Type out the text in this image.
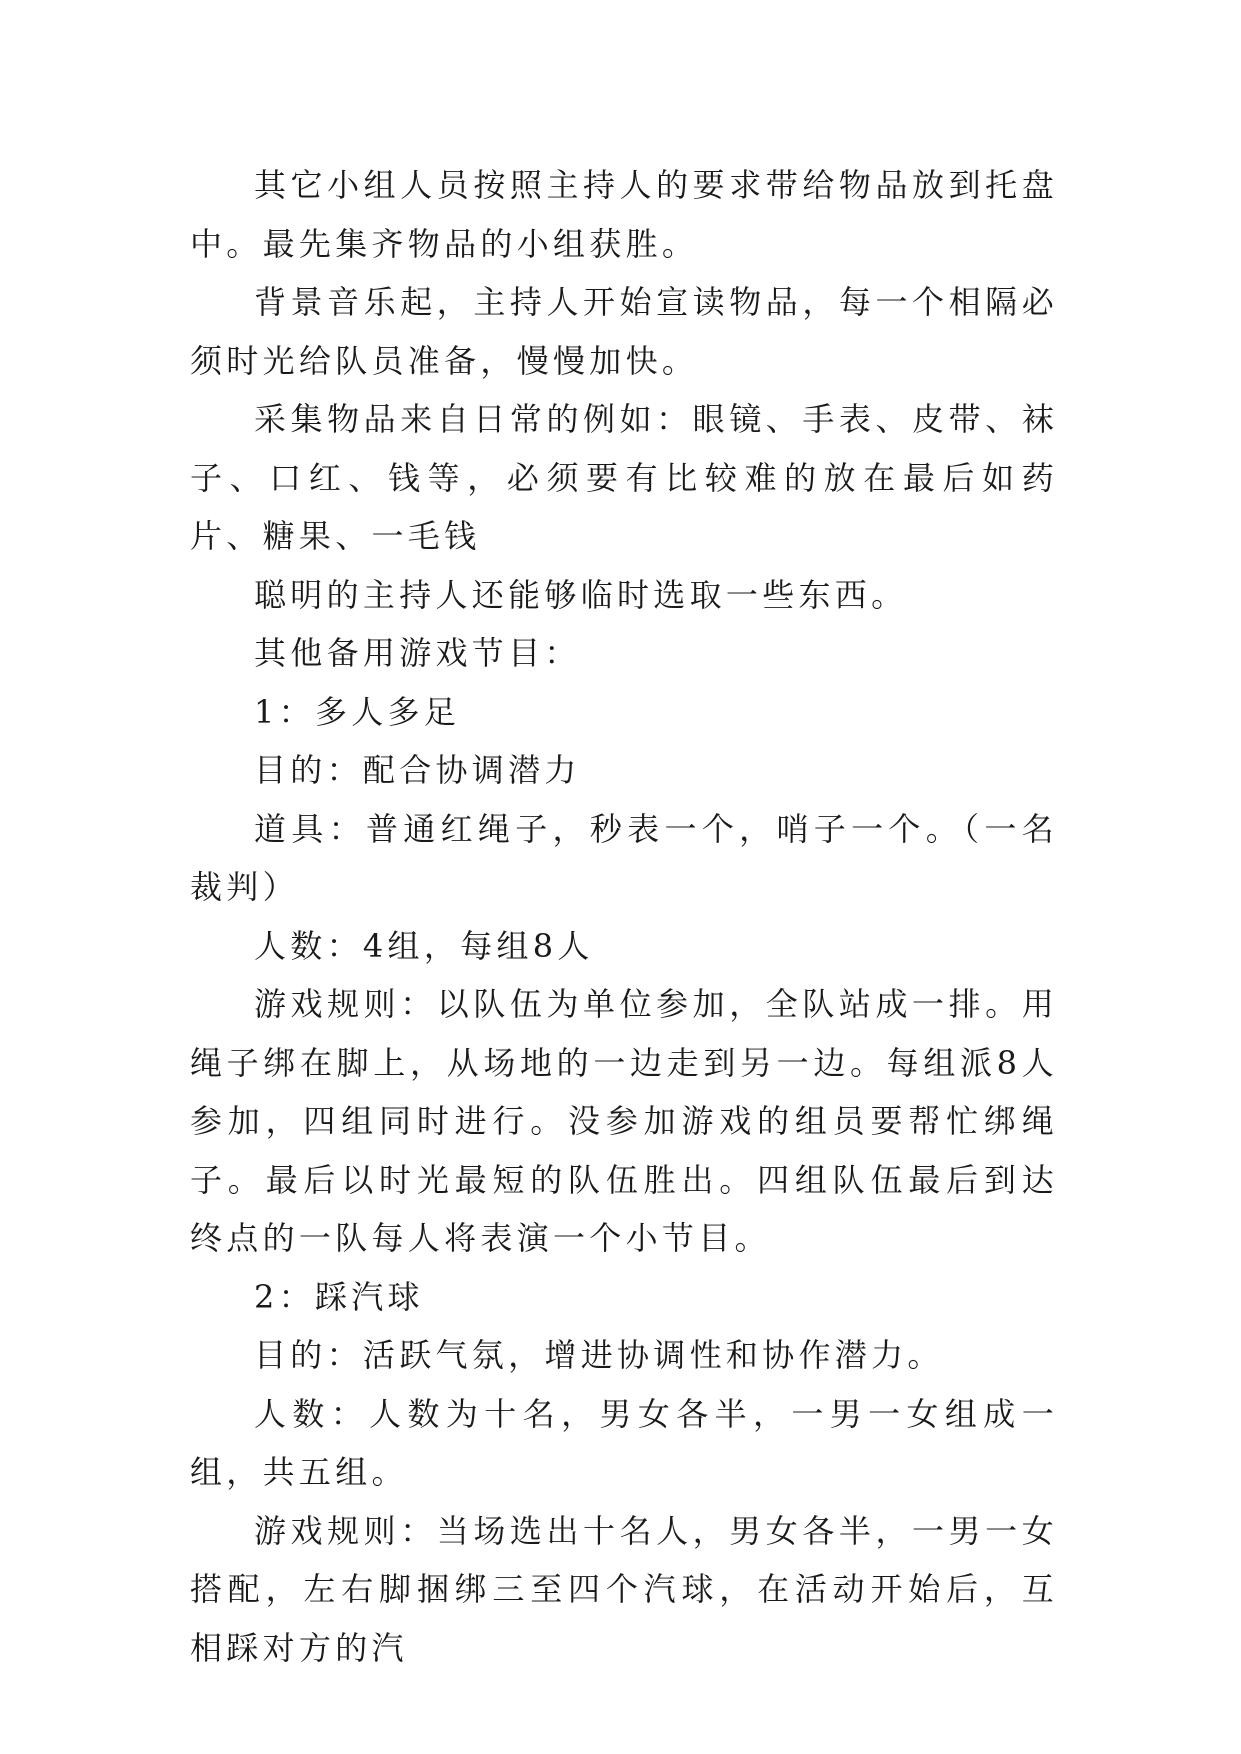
其它小组人员按照主持人的要求带给物品放到托盘中。最先集齐物品的小组获胜。

背景音乐起，主持人开始宣读物品，每一个相隔必须时光给队员准备，慢慢加快。

采集物品来自日常的例如：眼镜、手表、皮带、袜子、口红、钱等，必须要有比较难的放在最后如药片、糖果、一毛钱

聪明的主持人还能够临时选取一些东西。

其他备用游戏节目：

1：多人多足

目的：配合协调潜力

道具：普通红绳子，秒表一个，哨子一个。（一名裁判）

人数：4组，每组8人

游戏规则：以队伍为单位参加，全队站成一排。用绳子绑在脚上，从场地的一边走到另一边。每组派8人参加，四组同时进行。没参加游戏的组员要帮忙绑绳子。最后以时光最短的队伍胜出。四组队伍最后到达终点的一队每人将表演一个小节目。

2：踩汽球

目的：活跃气氛，增进协调性和协作潜力。

人数：人数为十名，男女各半，一男一女组成一组，共五组。

游戏规则：当场选出十名人，男女各半，一男一女搭配，左右脚捆绑三至四个汽球，在活动开始后，互相踩对方的汽
